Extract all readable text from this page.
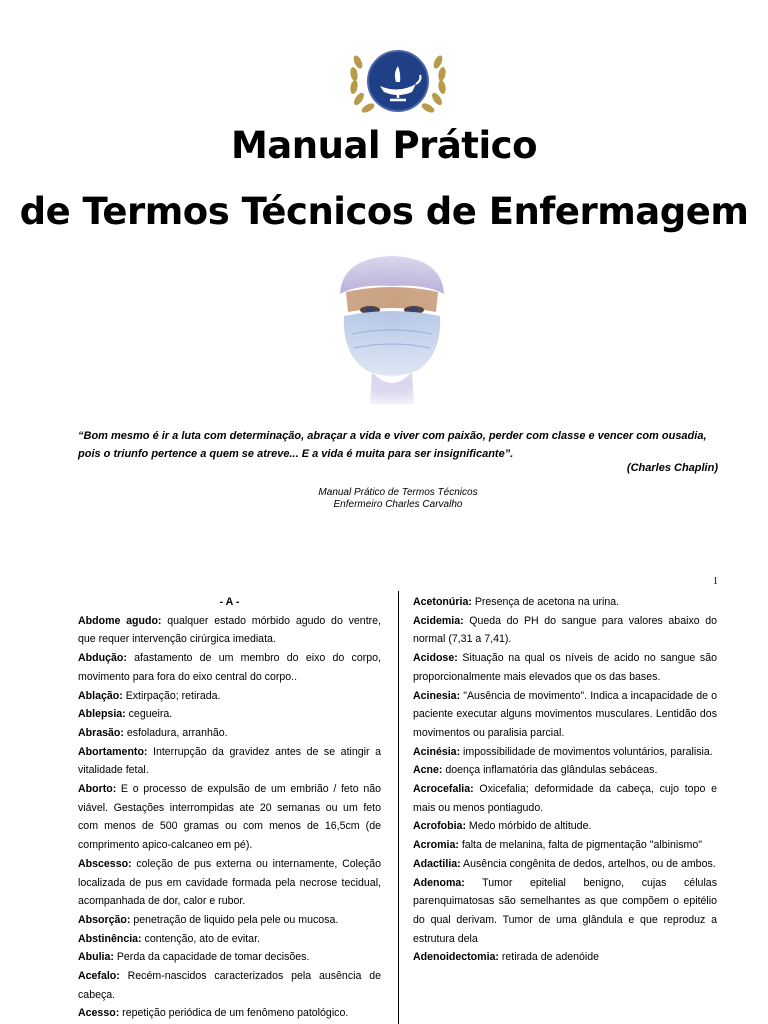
Manual Prático
de Termos Técnicos de Enfermagem
“Bom mesmo é ir a luta com determinação, abraçar a vida e viver com paixão, perder com classe e vencer com ousadia, pois o triunfo pertence a quem se atreve... E a vida é muita para ser insignificante”.
(Charles Chaplin)
Manual Prático de Termos Técnicos
Enfermeiro Charles Carvalho
1
- A -
Abdome agudo: qualquer estado mórbido agudo do ventre, que requer intervenção cirúrgica imediata.
Abdução: afastamento de um membro do eixo do corpo, movimento para fora do eixo central do corpo..
Ablação: Extirpação; retirada.
Ablepsia: cegueira.
Abrasão: esfoladura, arranhão.
Abortamento: Interrupção da gravidez antes de se atingir a vitalidade fetal.
Aborto: E o processo de expulsão de um embrião / feto não viável. Gestações interrompidas ate 20 semanas ou um feto com menos de 500 gramas ou com menos de 16,5cm (de comprimento apico-calcaneo em pé).
Abscesso: coleção de pus externa ou internamente, Coleção localizada de pus em cavidade formada pela necrose tecidual, acompanhada de dor, calor e rubor.
Absorção: penetração de liquido pela pele ou mucosa.
Abstinência: contenção, ato de evitar.
Abulia: Perda da capacidade de tomar decisões.
Acefalo: Recém-nascidos caracterizados pela ausência de cabeça.
Acesso: repetição periódica de um fenômeno patológico.
Acetonúria: Presença de acetona na urina.
Acidemia: Queda do PH do sangue para valores abaixo do normal (7,31 a 7,41).
Acidose: Situação na qual os níveis de acido no sangue são proporcionalmente mais elevados que os das bases.
Acinesia: "Ausência de movimento". Indica a incapacidade de o paciente executar alguns movimentos musculares. Lentidão dos movimentos ou paralisia parcial.
Acinésia: impossibilidade de movimentos voluntários, paralisia.
Acne: doença inflamatória das glândulas sebáceas.
Acrocefalia: Oxicefalia; deformidade da cabeça, cujo topo e mais ou menos pontiagudo.
Acrofobia: Medo mórbido de altitude.
Acromia: falta de melanina, falta de pigmentação "albinismo"
Adactilia: Ausência congênita de dedos, artelhos, ou de ambos.
Adenoma: Tumor epitelial benigno, cujas células parenquimatosas são semelhantes as que compõem o epitélio do qual derivam. Tumor de uma glândula e que reproduz a estrutura dela
Adenoidectomia: retirada de adenóide
